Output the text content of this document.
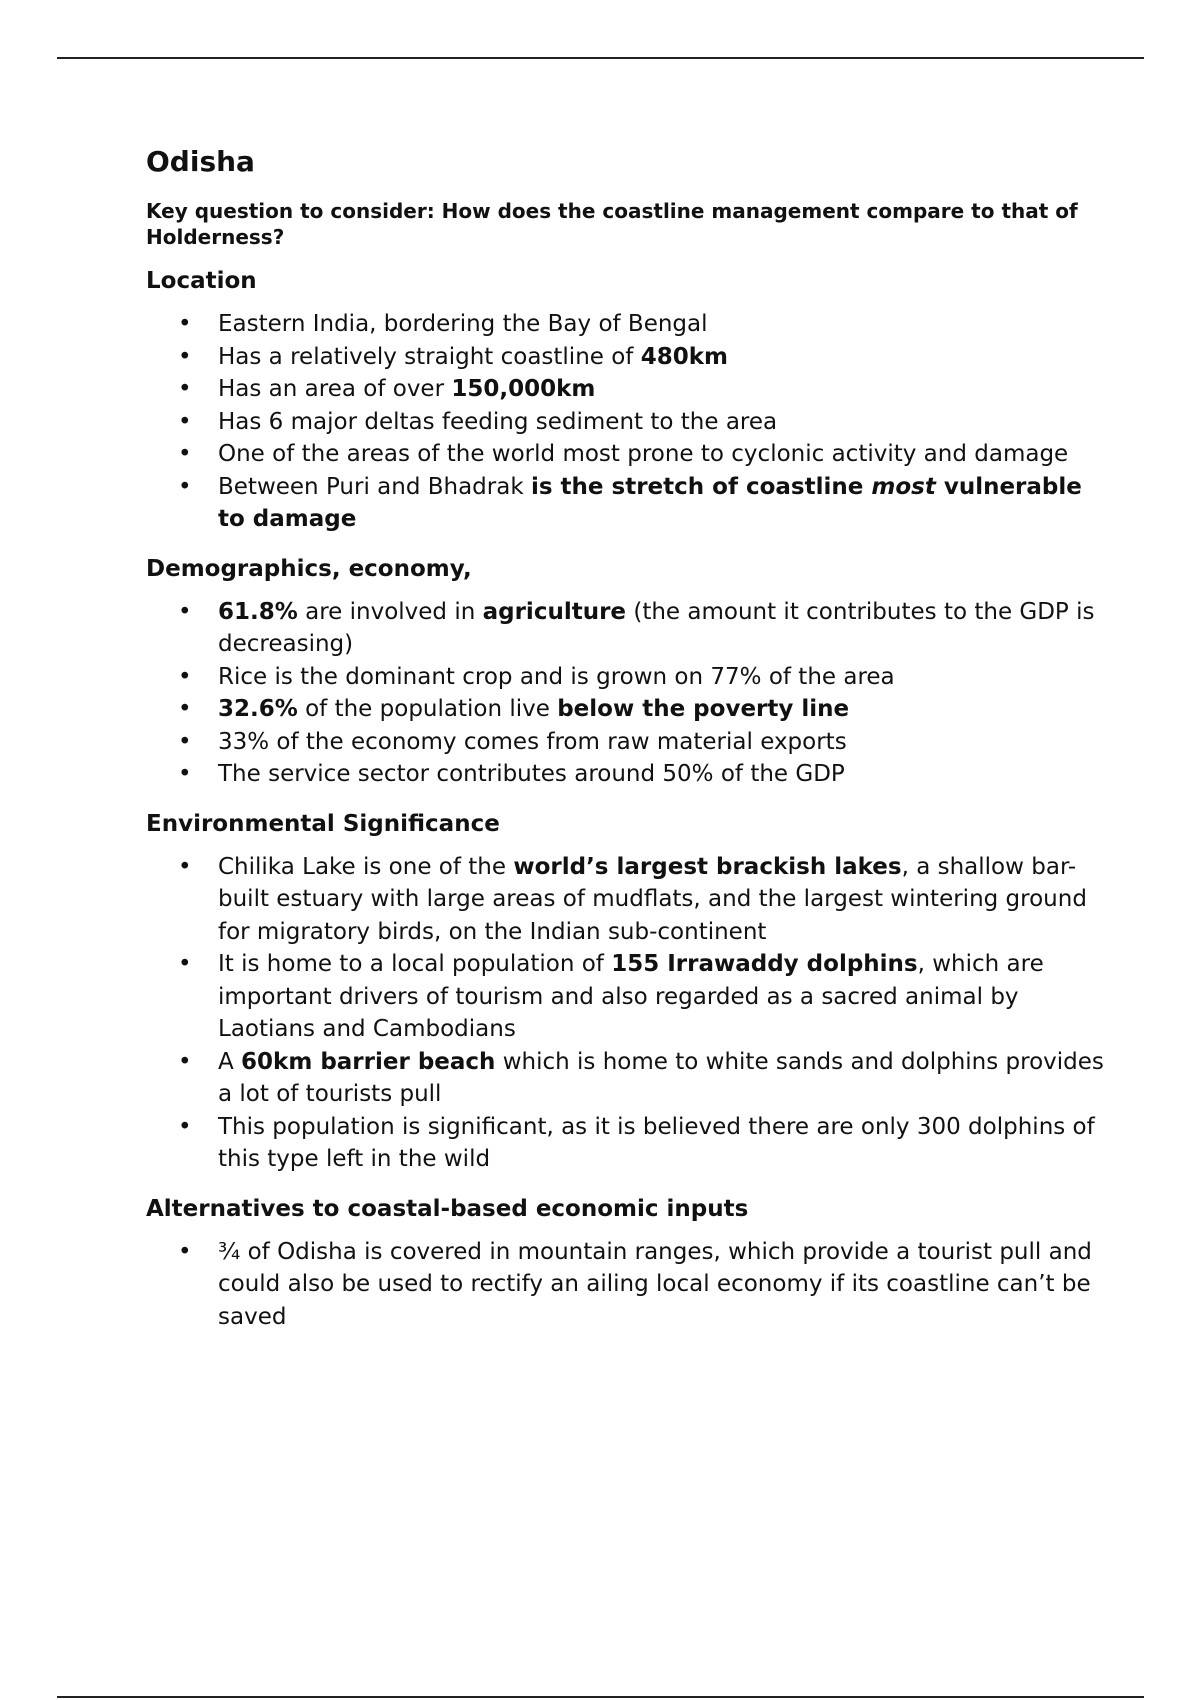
Odisha

Key question to consider: How does the coastline management compare to that of Holderness?

Location
• Eastern India, bordering the Bay of Bengal
• Has a relatively straight coastline of 480km
• Has an area of over 150,000km
• Has 6 major deltas feeding sediment to the area
• One of the areas of the world most prone to cyclonic activity and damage
• Between Puri and Bhadrak is the stretch of coastline most vulnerable to damage
Demographics, economy,
• 61.8% are involved in agriculture (the amount it contributes to the GDP is decreasing)
• Rice is the dominant crop and is grown on 77% of the area
• 32.6% of the population live below the poverty line
• 33% of the economy comes from raw material exports
• The service sector contributes around 50% of the GDP
Environmental Significance
• Chilika Lake is one of the world’s largest brackish lakes, a shallow bar-built estuary with large areas of mudflats, and the largest wintering ground for migratory birds, on the Indian sub-continent
• It is home to a local population of 155 Irrawaddy dolphins, which are important drivers of tourism and also regarded as a sacred animal by Laotians and Cambodians
• A 60km barrier beach which is home to white sands and dolphins provides a lot of tourists pull
• This population is significant, as it is believed there are only 300 dolphins of this type left in the wild
Alternatives to coastal-based economic inputs
• ¾ of Odisha is covered in mountain ranges, which provide a tourist pull and could also be used to rectify an ailing local economy if its coastline can’t be saved
